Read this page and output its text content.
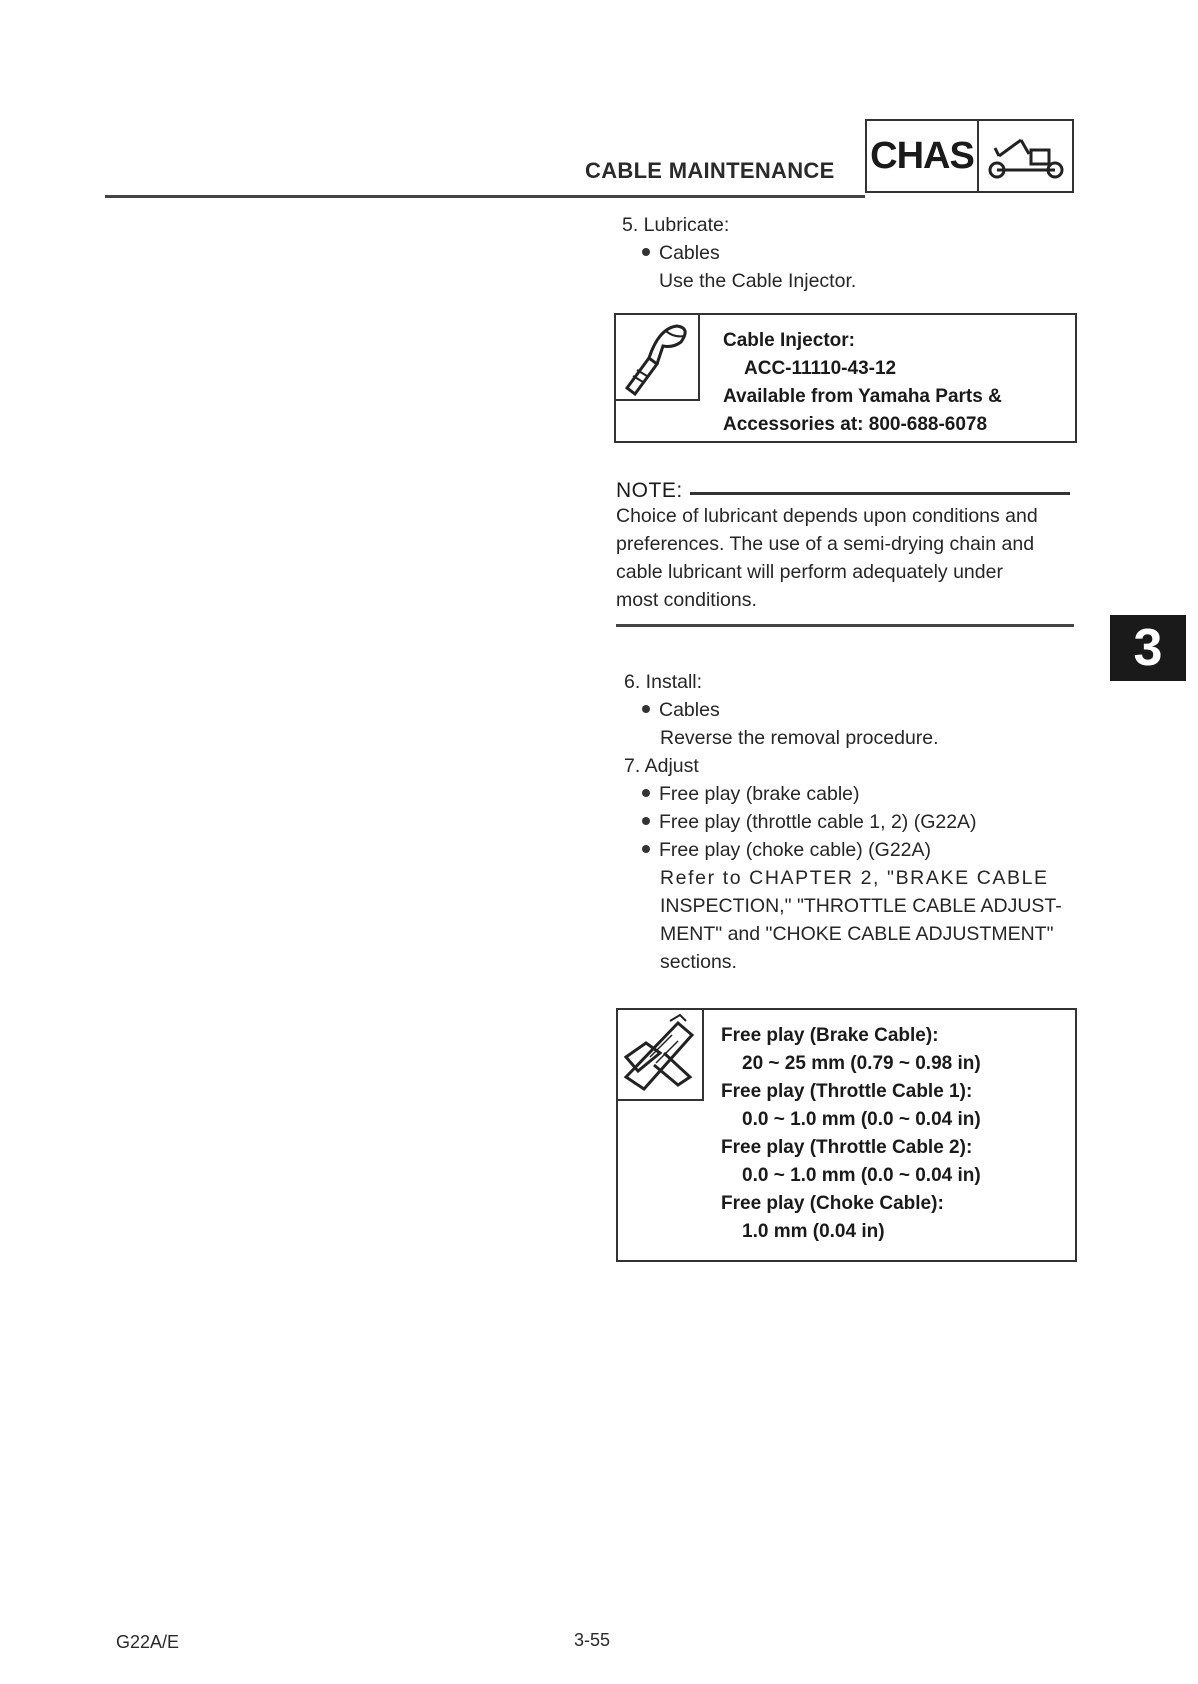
CABLE MAINTENANCE CHAS
5. Lubricate:
Cables
Use the Cable Injector.
Cable Injector:
ACC-11110-43-12
Available from Yamaha Parts &
Accessories at: 800-688-6078
NOTE:
Choice of lubricant depends upon conditions and
preferences. The use of a semi-drying chain and
cable lubricant will perform adequately under
most conditions.
3
6. Install:
Cables
Reverse the removal procedure.
7. Adjust
Free play (brake cable)
Free play (throttle cable 1, 2) (G22A)
Free play (choke cable) (G22A)
Refer to CHAPTER 2, "BRAKE CABLE
INSPECTION," "THROTTLE CABLE ADJUST-
MENT" and "CHOKE CABLE ADJUSTMENT"
sections.
Free play (Brake Cable):
20 ~ 25 mm (0.79 ~ 0.98 in)
Free play (Throttle Cable 1):
0.0 ~ 1.0 mm (0.0 ~ 0.04 in)
Free play (Throttle Cable 2):
0.0 ~ 1.0 mm (0.0 ~ 0.04 in)
Free play (Choke Cable):
1.0 mm (0.04 in)
G22A/E	3-55
